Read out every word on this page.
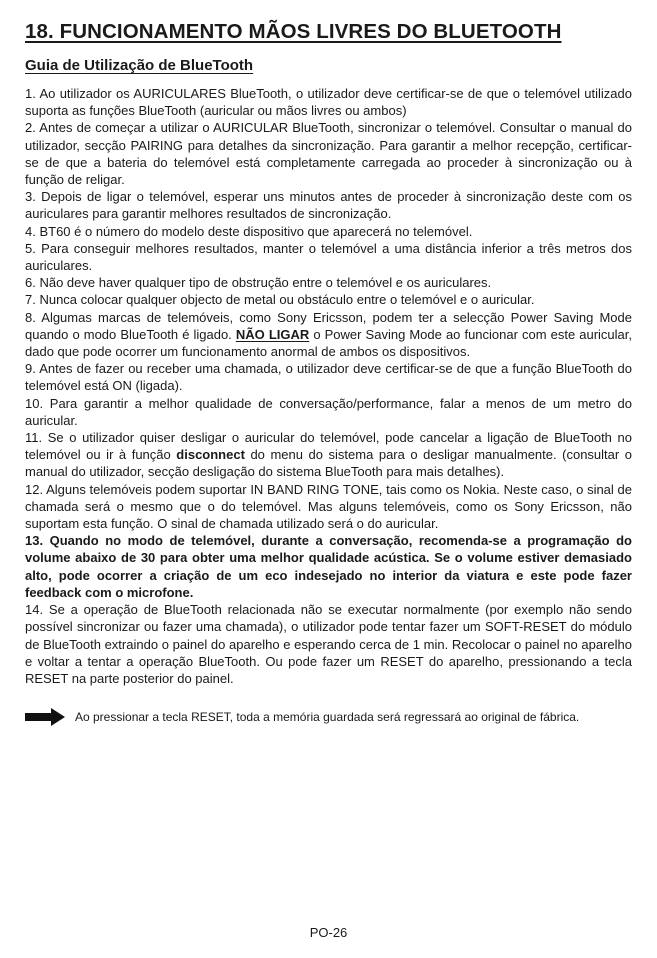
18. FUNCIONAMENTO MÃOS LIVRES DO BLUETOOTH
Guia de Utilização de BlueTooth

1. Ao utilizador os AURICULARES BlueTooth, o utilizador deve certificar-se de que o telemóvel utilizado suporta as funções BlueTooth (auricular ou mãos livres ou ambos)

2. Antes de começar a utilizar o AURICULAR BlueTooth, sincronizar o telemóvel. Consultar o manual do utilizador, secção PAIRING para detalhes da sincronização. Para garantir a melhor recepção, certificar-se de que a bateria do telemóvel está completamente carregada ao proceder à sincronização ou à função de religar.

3. Depois de ligar o telemóvel, esperar uns minutos antes de proceder à sincronização deste com os auriculares para garantir melhores resultados de sincronização.

4. BT60 é o número do modelo deste dispositivo que aparecerá no telemóvel.

5. Para conseguir melhores resultados, manter o telemóvel a uma distância inferior a três metros dos auriculares.

6. Não deve haver qualquer tipo de obstrução entre o telemóvel e os auriculares.

7. Nunca colocar qualquer objecto de metal ou obstáculo entre o telemóvel e o auricular.

8. Algumas marcas de telemóveis, como Sony Ericsson, podem ter a selecção Power Saving Mode quando o modo BlueTooth é ligado. NÃO LIGAR o Power Saving Mode ao funcionar com este auricular, dado que pode ocorrer um funcionamento anormal de ambos os dispositivos.

9. Antes de fazer ou receber uma chamada, o utilizador deve certificar-se de que a função BlueTooth do telemóvel está ON (ligada).

10. Para garantir a melhor qualidade de conversação/performance, falar a menos de um metro do auricular.

11. Se o utilizador quiser desligar o auricular do telemóvel, pode cancelar a ligação de BlueTooth no telemóvel ou ir à função disconnect do menu do sistema para o desligar manualmente. (consultar o manual do utilizador, secção desligação do sistema BlueTooth para mais detalhes).

12. Alguns telemóveis podem suportar IN BAND RING TONE, tais como os Nokia. Neste caso, o sinal de chamada será o mesmo que o do telemóvel. Mas alguns telemóveis, como os Sony Ericsson, não suportam esta função. O sinal de chamada utilizado será o do auricular.

13. Quando no modo de telemóvel, durante a conversação, recomenda-se a programação do volume abaixo de 30 para obter uma melhor qualidade acústica. Se o volume estiver demasiado alto, pode ocorrer a criação de um eco indesejado no interior da viatura e este pode fazer feedback com o microfone.

14. Se a operação de BlueTooth relacionada não se executar normalmente (por exemplo não sendo possível sincronizar ou fazer uma chamada), o utilizador pode tentar fazer um SOFT-RESET do módulo de BlueTooth extraindo o painel do aparelho e esperando cerca de 1 min. Recolocar o painel no aparelho e voltar a tentar a operação BlueTooth. Ou pode fazer um RESET do aparelho, pressionando a tecla RESET na parte posterior do painel.

Ao pressionar a tecla RESET, toda a memória guardada será regressará ao original de fábrica.
PO-26
